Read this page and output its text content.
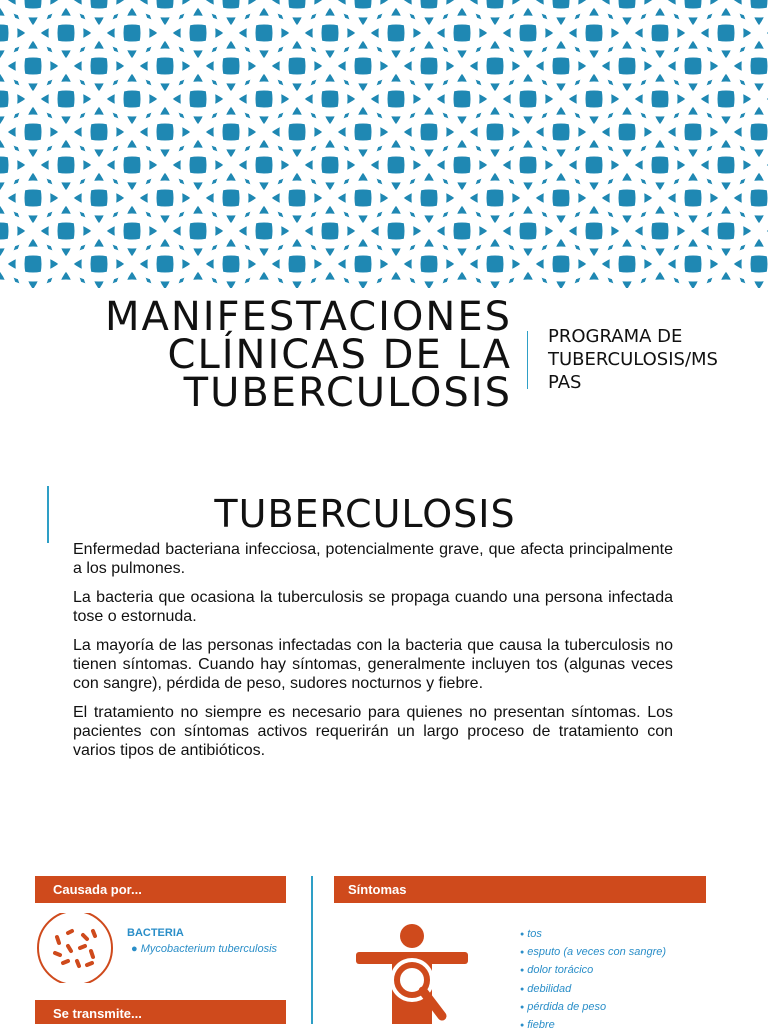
MANIFESTACIONES
CLÍNICAS DE LA
TUBERCULOSIS
PROGRAMA DE
TUBERCULOSIS/MS
PAS
TUBERCULOSIS

Enfermedad bacteriana infecciosa, potencialmente grave, que afecta principalmente a los pulmones.

La bacteria que ocasiona la tuberculosis se propaga cuando una persona infectada tose o estornuda.

La mayoría de las personas infectadas con la bacteria que causa la tuberculosis no tienen síntomas. Cuando hay síntomas, generalmente incluyen tos (algunas veces con sangre), pérdida de peso, sudores nocturnos y fiebre.

El tratamiento no siempre es necesario para quienes no presentan síntomas. Los pacientes con síntomas activos requerirán un largo proceso de tratamiento con varios tipos de antibióticos.

Causada por...	Síntomas
Se transmite...
BACTERIA
● Mycobacterium tuberculosis
● tos
● esputo (a veces con sangre)
● dolor torácico
● debilidad
● pérdida de peso
● fiebre
